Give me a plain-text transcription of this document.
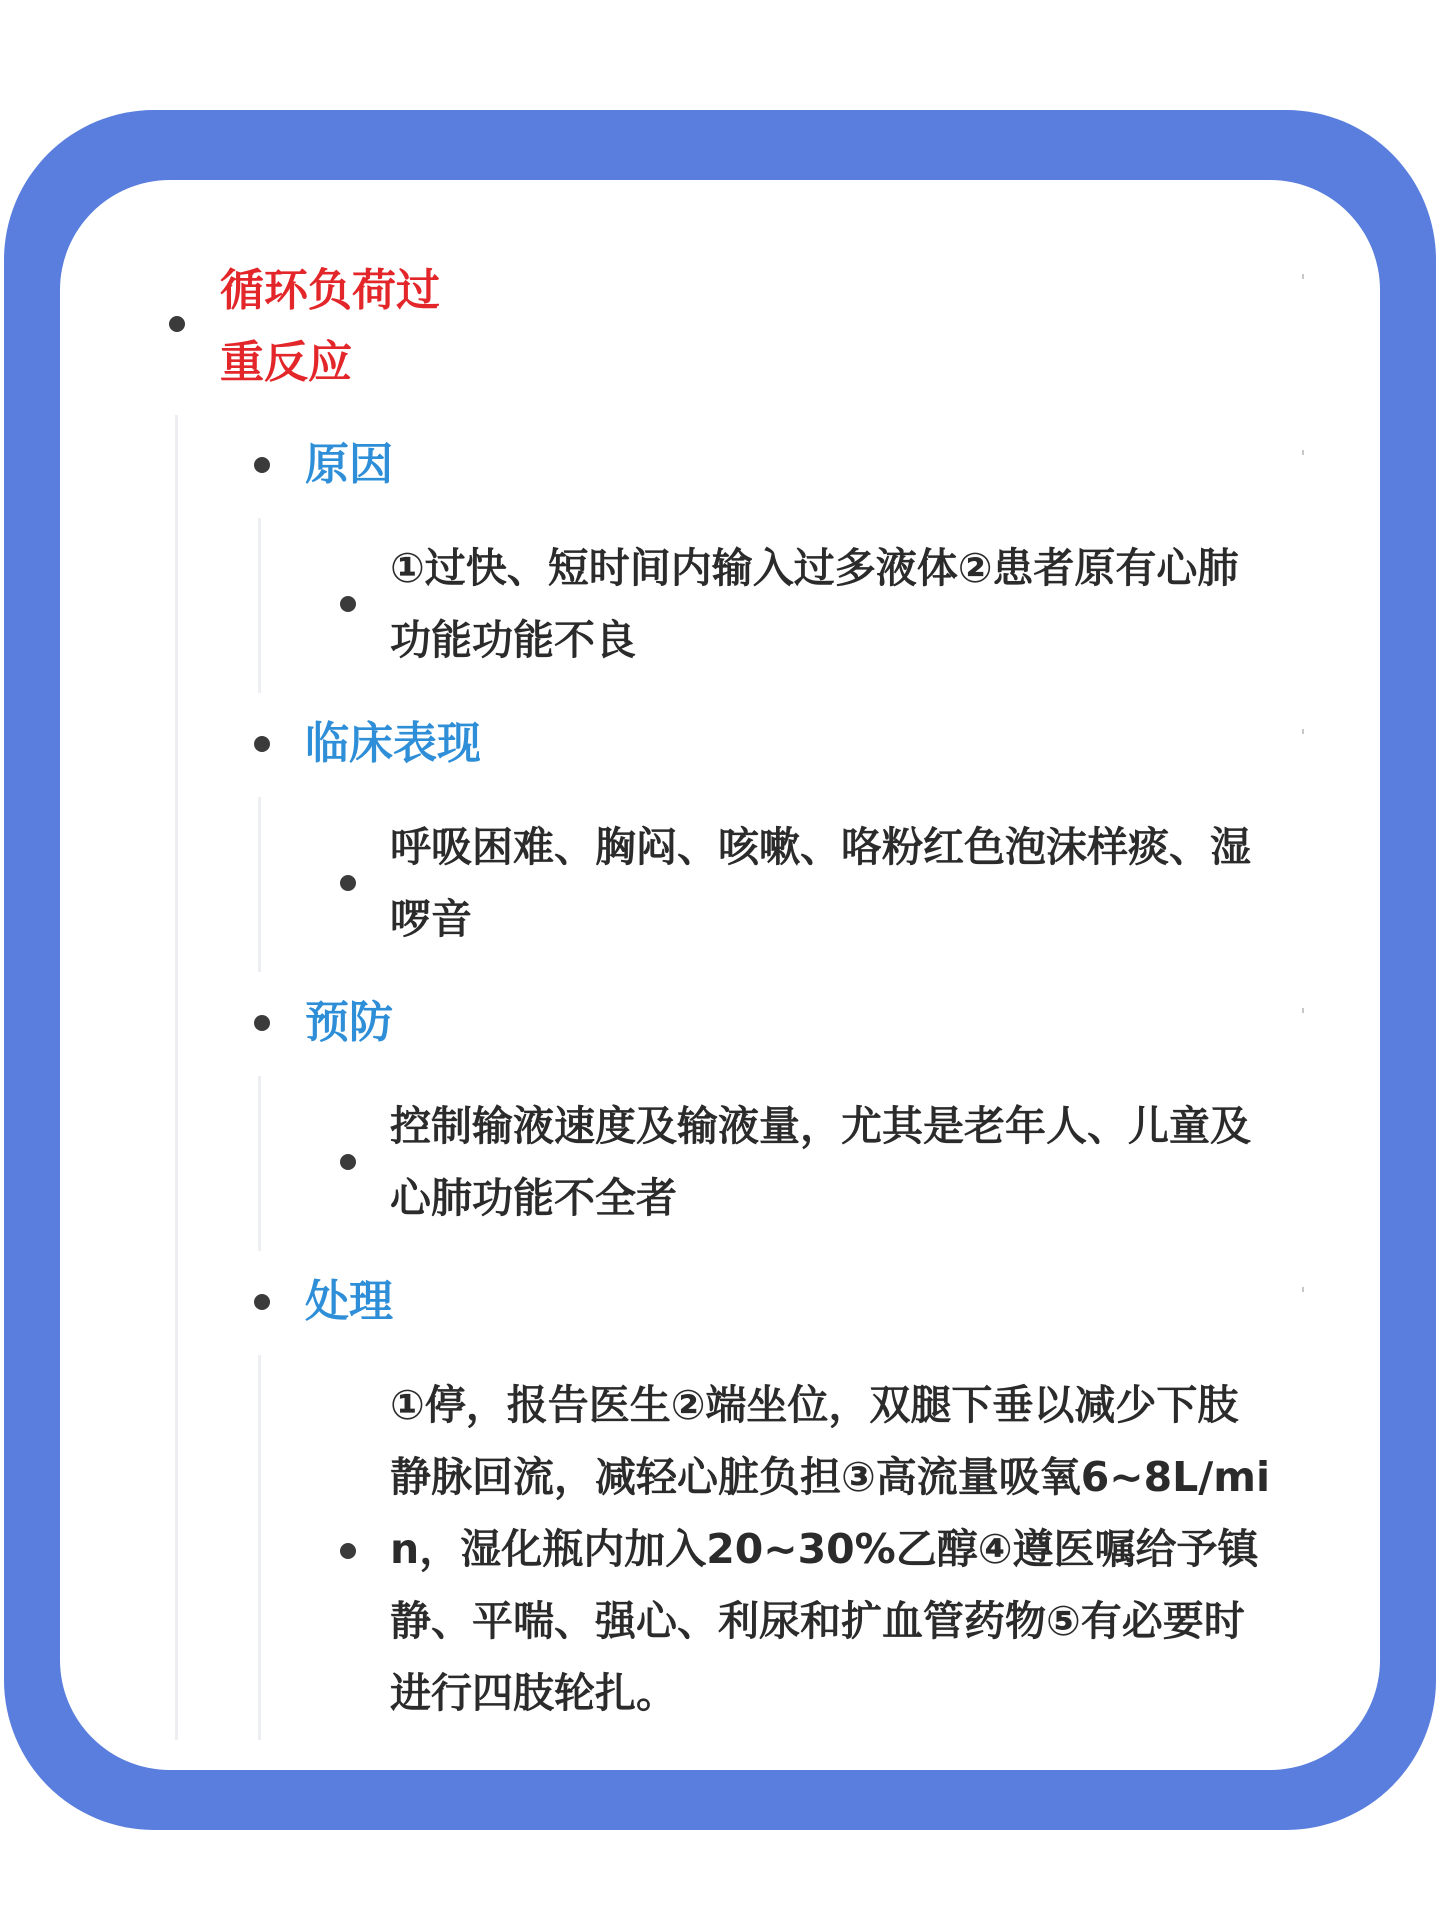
循环负荷过重反应
原因
①过快、短时间内输入过多液体②患者原有心肺功能功能不良
临床表现
呼吸困难、胸闷、咳嗽、咯粉红色泡沫样痰、湿啰音
预防
控制输液速度及输液量，尤其是老年人、儿童及心肺功能不全者
处理
①停，报告医生②端坐位，双腿下垂以减少下肢静脉回流，减轻心脏负担③高流量吸氧6~8L/min，湿化瓶内加入20~30%乙醇④遵医嘱给予镇静、平喘、强心、利尿和扩血管药物⑤有必要时进行四肢轮扎。
